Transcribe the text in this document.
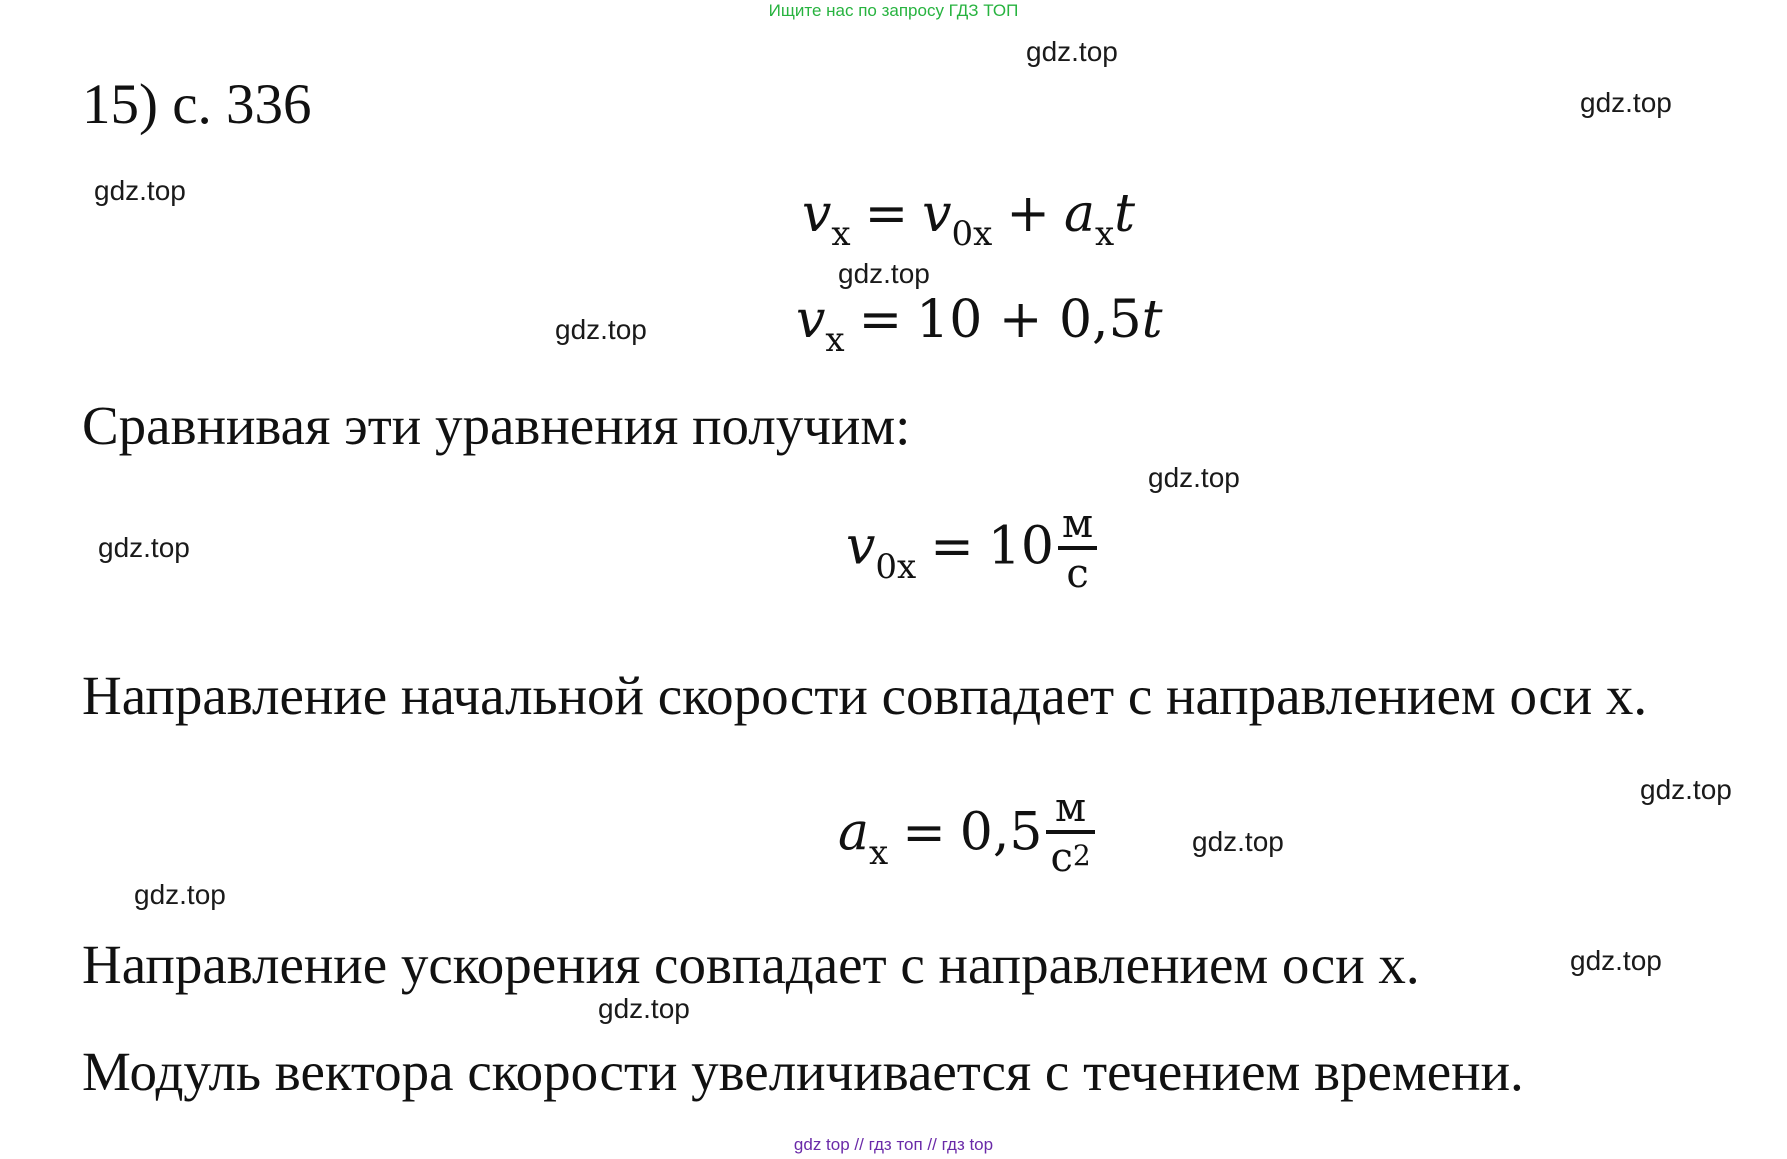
Ищите нас по запросу ГДЗ ТОП
15) с. 336
$v_x = v_{0x} + a_xt$
$v_x = 10 + 0,5t$
Сравнивая эти уравнения получим:
$v_{0x} = 10 \frac{м}{с}$
Направление начальной скорости совпадает с направлением оси x.
$a_x = 0,5 \frac{м}{с^2}$
Направление ускорения совпадает с направлением оси x.
Модуль вектора скорости увеличивается с течением времени.
gdz.top
gdz.top
gdz.top
gdz.top
gdz.top
gdz.top
gdz.top
gdz.top
gdz.top
gdz.top
gdz.top
gdz.top
gdz top // гдз топ // гдз top
